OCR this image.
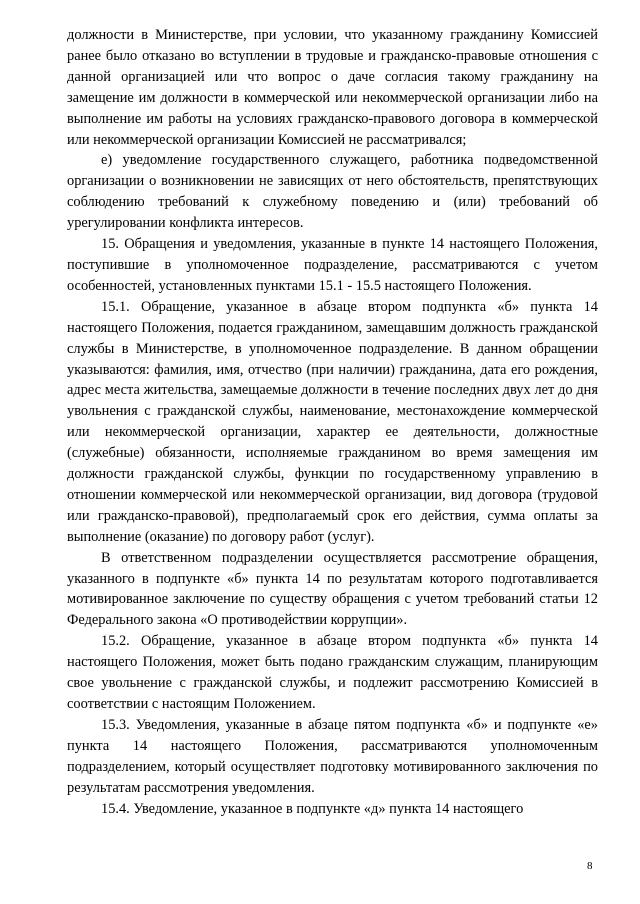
должности в Министерстве, при условии, что указанному гражданину Комиссией ранее было отказано во вступлении в трудовые и гражданско-правовые отношения с данной организацией или что вопрос о даче согласия такому гражданину на замещение им должности в коммерческой или некоммерческой организации либо на выполнение им работы на условиях гражданско-правового договора в коммерческой или некоммерческой организации Комиссией не рассматривался;

е) уведомление государственного служащего, работника подведомственной организации о возникновении не зависящих от него обстоятельств, препятствующих соблюдению требований к служебному поведению и (или) требований об урегулировании конфликта интересов.

15. Обращения и уведомления, указанные в пункте 14 настоящего Положения, поступившие в уполномоченное подразделение, рассматриваются с учетом особенностей, установленных пунктами 15.1 - 15.5 настоящего Положения.

15.1. Обращение, указанное в абзаце втором подпункта «б» пункта 14 настоящего Положения, подается гражданином, замещавшим должность гражданской службы в Министерстве, в уполномоченное подразделение. В данном обращении указываются: фамилия, имя, отчество (при наличии) гражданина, дата его рождения, адрес места жительства, замещаемые должности в течение последних двух лет до дня увольнения с гражданской службы, наименование, местонахождение коммерческой или некоммерческой организации, характер ее деятельности, должностные (служебные) обязанности, исполняемые гражданином во время замещения им должности гражданской службы, функции по государственному управлению в отношении коммерческой или некоммерческой организации, вид договора (трудовой или гражданско-правовой), предполагаемый срок его действия, сумма оплаты за выполнение (оказание) по договору работ (услуг).

В ответственном подразделении осуществляется рассмотрение обращения, указанного в подпункте «б» пункта 14 по результатам которого подготавливается мотивированное заключение по существу обращения с учетом требований статьи 12 Федерального закона «О противодействии коррупции».

15.2. Обращение, указанное в абзаце втором подпункта «б» пункта 14 настоящего Положения, может быть подано гражданским служащим, планирующим свое увольнение с гражданской службы, и подлежит рассмотрению Комиссией в соответствии с настоящим Положением.

15.3. Уведомления, указанные в абзаце пятом подпункта «б» и подпункте «е» пункта 14 настоящего Положения, рассматриваются уполномоченным подразделением, который осуществляет подготовку мотивированного заключения по результатам рассмотрения уведомления.

15.4. Уведомление, указанное в подпункте «д» пункта 14 настоящего

8
